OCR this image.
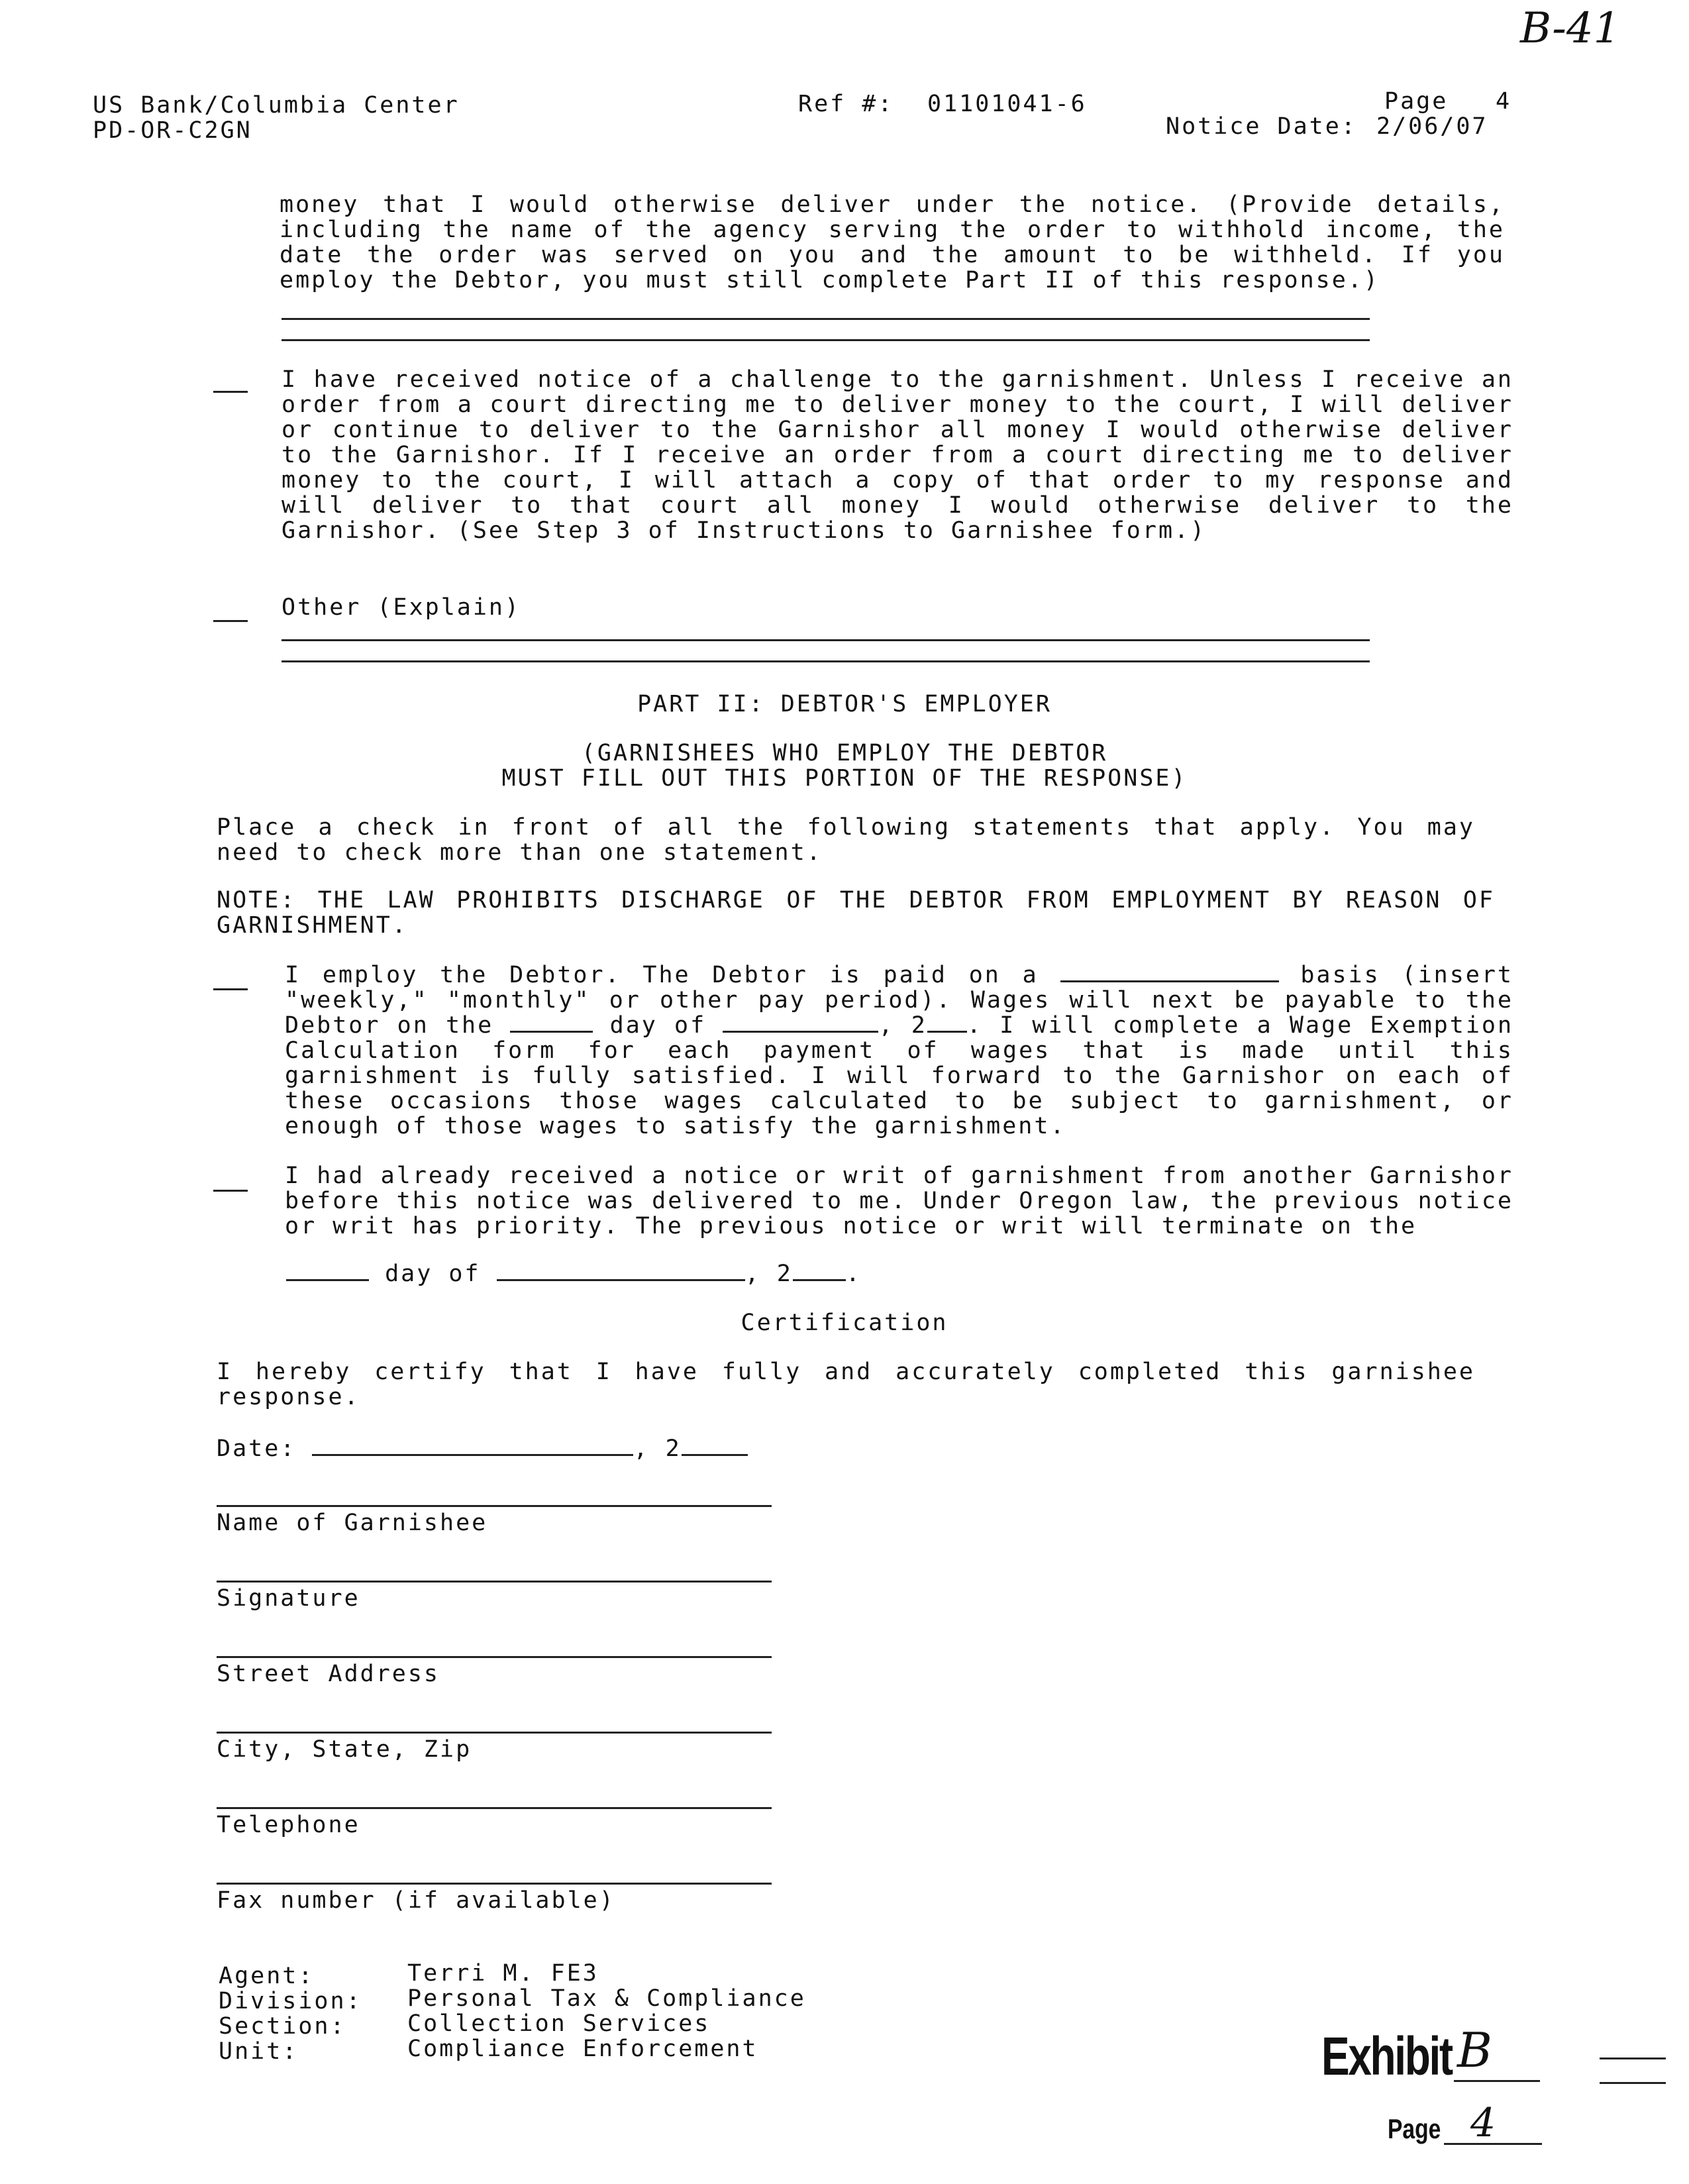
B-41
US Bank/Columbia Center
PD-OR-C2GN
Ref #: 01101041-6	Page 4
Notice Date: 2/06/07
money that I would otherwise deliver under the notice. (Provide details, including the name of the agency serving the order to withhold income, the date the order was served on you and the amount to be withheld. If you employ the Debtor, you must still complete Part II of this response.)
I have received notice of a challenge to the garnishment. Unless I receive an order from a court directing me to deliver money to the court, I will deliver or continue to deliver to the Garnishor all money I would otherwise deliver to the Garnishor. If I receive an order from a court directing me to deliver money to the court, I will attach a copy of that order to my response and will deliver to that court all money I would otherwise deliver to the Garnishor. (See Step 3 of Instructions to Garnishee form.)
Other (Explain)
PART II: DEBTOR'S EMPLOYER
(GARNISHEES WHO EMPLOY THE DEBTOR
MUST FILL OUT THIS PORTION OF THE RESPONSE)
Place a check in front of all the following statements that apply. You may need to check more than one statement.
NOTE: THE LAW PROHIBITS DISCHARGE OF THE DEBTOR FROM EMPLOYMENT BY REASON OF GARNISHMENT.
I employ the Debtor. The Debtor is paid on a	basis (insert "weekly," "monthly" or other pay period). Wages will next be payable to the Debtor on the	day of	, 2 . I will complete a Wage Exemption Calculation form for each payment of wages that is made until this garnishment is fully satisfied. I will forward to the Garnishor on each of these occasions those wages calculated to be subject to garnishment, or enough of those wages to satisfy the garnishment.
I had already received a notice or writ of garnishment from another Garnishor before this notice was delivered to me. Under Oregon law, the previous notice or writ has priority. The previous notice or writ will terminate on the
day of	, 2 .
Certification
I hereby certify that I have fully and accurately completed this garnishee response.
Date:	, 2
Name of Garnishee
Signature
Street Address
City, State, Zip
Telephone
Fax number (if available)
Agent:	Terri M. FE3
Division: Personal Tax & Compliance
Section:	Collection Services
Unit:	Compliance Enforcement	Exhibit B
Page 4
